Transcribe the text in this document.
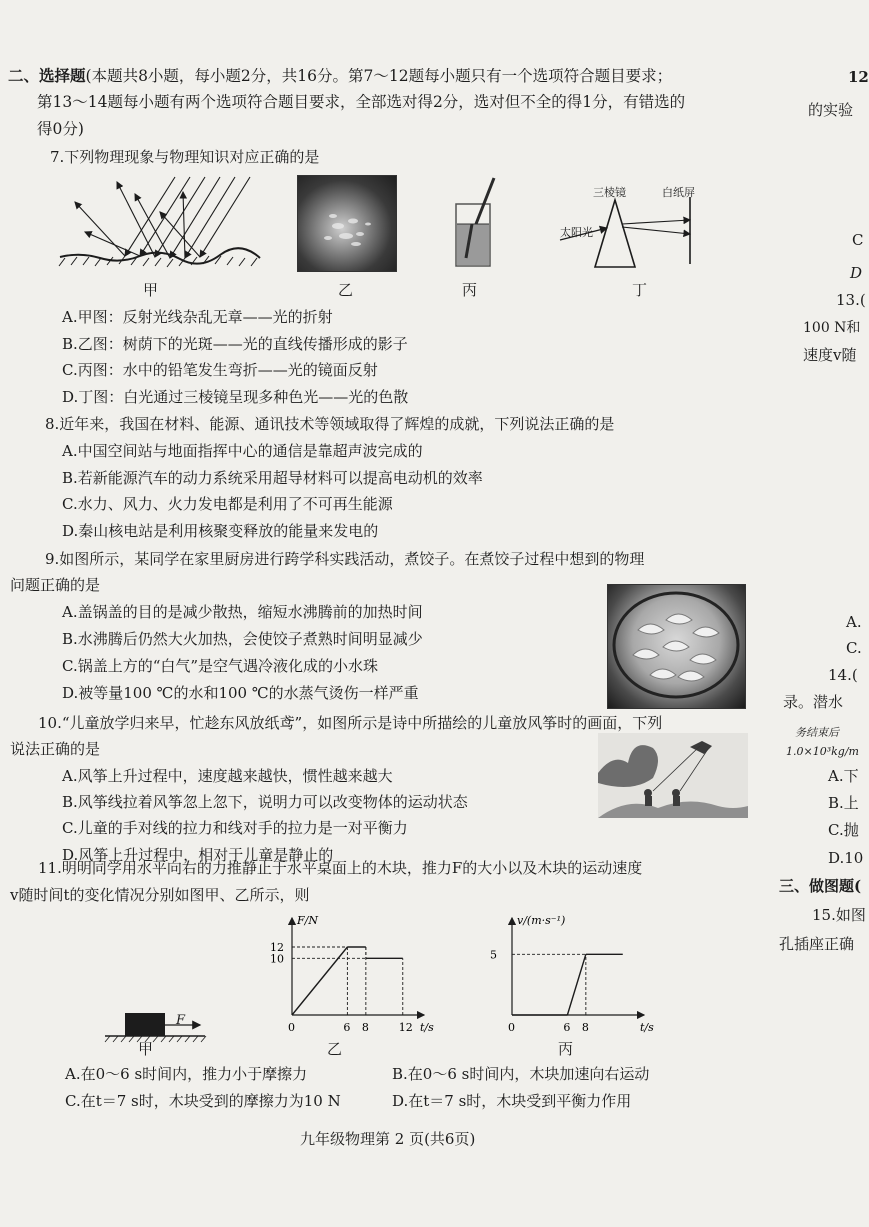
二、选择题(本题共8小题，每小题2分，共16分。第7～12题每小题只有一个选项符合题目要求；
第13～14题每小题有两个选项符合题目要求，全部选对得2分，选对但不全的得1分，有错选的
得0分)
7.下列物理现象与物理知识对应正确的是
甲	乙	丙
三棱镜	白纸屏
太阳光
丁
A.甲图：反射光线杂乱无章——光的折射
B.乙图：树荫下的光斑——光的直线传播形成的影子
C.丙图：水中的铅笔发生弯折——光的镜面反射
D.丁图：白光通过三棱镜呈现多种色光——光的色散
8.近年来，我国在材料、能源、通讯技术等领域取得了辉煌的成就，下列说法正确的是
A.中国空间站与地面指挥中心的通信是靠超声波完成的
B.若新能源汽车的动力系统采用超导材料可以提高电动机的效率
C.水力、风力、火力发电都是利用了不可再生能源
D.秦山核电站是利用核聚变释放的能量来发电的
9.如图所示，某同学在家里厨房进行跨学科实践活动，煮饺子。在煮饺子过程中想到的物理
问题正确的是
A.盖锅盖的目的是减少散热，缩短水沸腾前的加热时间
B.水沸腾后仍然大火加热，会使饺子煮熟时间明显减少
C.锅盖上方的“白气”是空气遇冷液化成的小水珠
D.被等量100 ℃的水和100 ℃的水蒸气烫伤一样严重
10.“儿童放学归来早，忙趁东风放纸鸢”，如图所示是诗中所描绘的儿童放风筝时的画面，下列
说法正确的是
A.风筝上升过程中，速度越来越快，惯性越来越大
B.风筝线拉着风筝忽上忽下，说明力可以改变物体的运动状态
C.儿童的手对线的拉力和线对手的拉力是一对平衡力
D.风筝上升过程中，相对于儿童是静止的
11.明明同学用水平向右的力推静止于水平桌面上的木块，推力F的大小以及木块的运动速度
v随时间t的变化情况分别如图甲、乙所示，则
F
甲
F/N
t/s
0	6 8	12
10
12
乙
v/(m·s⁻¹)
t/s
0	6 8
5
丙
A.在0～6 s时间内，推力小于摩擦力	B.在0～6 s时间内，木块加速向右运动
C.在t＝7 s时，木块受到的摩擦力为10 N	D.在t＝7 s时，木块受到平衡力作用
九年级物理第 2 页(共6页)
12
的实验
C
D
13.(
100 N和
速度v随
A.
C.
14.(
录。潜水
务结束后
1.0×10³kg/m
A.下
B.上
C.抛
D.10
三、做图题(
15.如图
孔插座正确
